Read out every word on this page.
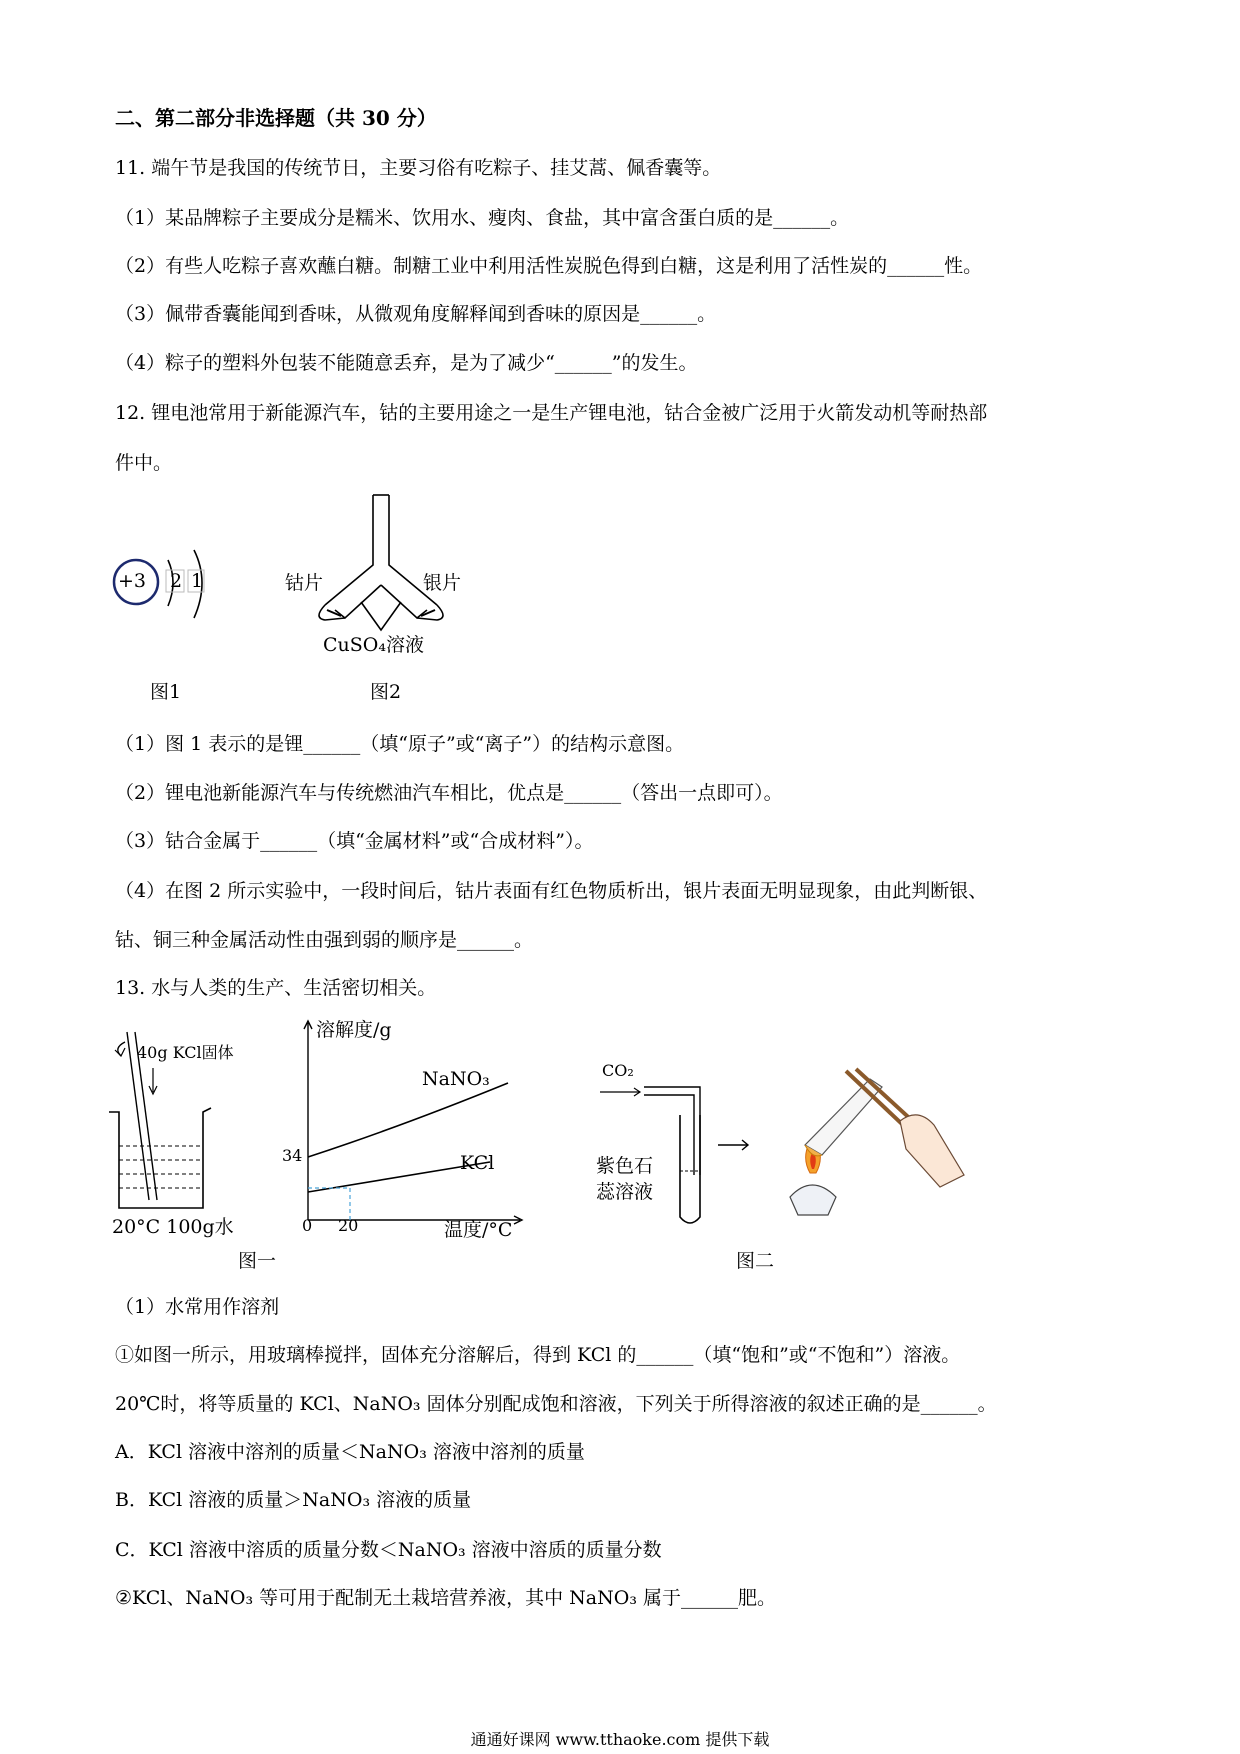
二、第二部分非选择题（共 30 分）
11. 端午节是我国的传统节日，主要习俗有吃粽子、挂艾蒿、佩香囊等。
（1）某品牌粽子主要成分是糯米、饮用水、瘦肉、食盐，其中富含蛋白质的是______。
（2）有些人吃粽子喜欢蘸白糖。制糖工业中利用活性炭脱色得到白糖，这是利用了活性炭的______性。
（3）佩带香囊能闻到香味，从微观角度解释闻到香味的原因是______。
（4）粽子的塑料外包装不能随意丢弃，是为了减少“______”的发生。
12. 锂电池常用于新能源汽车，钴的主要用途之一是生产锂电池，钴合金被广泛用于火箭发动机等耐热部
件中。
+3 2 1
图1
钴片	银片
CuSO₄溶液
图2
（1）图 1 表示的是锂______（填“原子”或“离子”）的结构示意图。
（2）锂电池新能源汽车与传统燃油汽车相比，优点是______（答出一点即可）。
（3）钴合金属于______（填“金属材料”或“合成材料”）。
（4）在图 2 所示实验中，一段时间后，钴片表面有红色物质析出，银片表面无明显现象，由此判断银、
钴、铜三种金属活动性由强到弱的顺序是______。
13. 水与人类的生产、生活密切相关。
40g KCl固体
20°C 100g水
图一
溶解度/g
温度/°C
NaNO₃
KCl
34
0 20
CO₂
紫色石
蕊溶液
图二
（1）水常用作溶剂
①如图一所示，用玻璃棒搅拌，固体充分溶解后，得到 KCl 的______（填“饱和”或“不饱和”）溶液。
20℃时，将等质量的 KCl、NaNO₃ 固体分别配成饱和溶液，下列关于所得溶液的叙述正确的是______。
A．KCl 溶液中溶剂的质量＜NaNO₃ 溶液中溶剂的质量
B．KCl 溶液的质量＞NaNO₃ 溶液的质量
C．KCl 溶液中溶质的质量分数＜NaNO₃ 溶液中溶质的质量分数
②KCl、NaNO₃ 等可用于配制无土栽培营养液，其中 NaNO₃ 属于______肥。
通通好课网 www.tthaoke.com 提供下载
